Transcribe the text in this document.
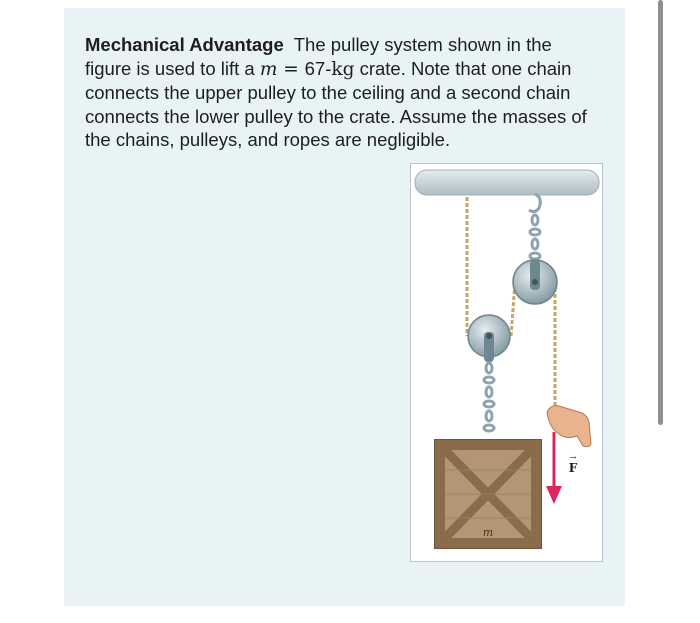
Mechanical Advantage The pulley system shown in the figure is used to lift a m = 67-kg crate. Note that one chain connects the upper pulley to the ceiling and a second chain connects the lower pulley to the crate. Assume the masses of the chains, pulleys, and ropes are negligible.
m
→
F
